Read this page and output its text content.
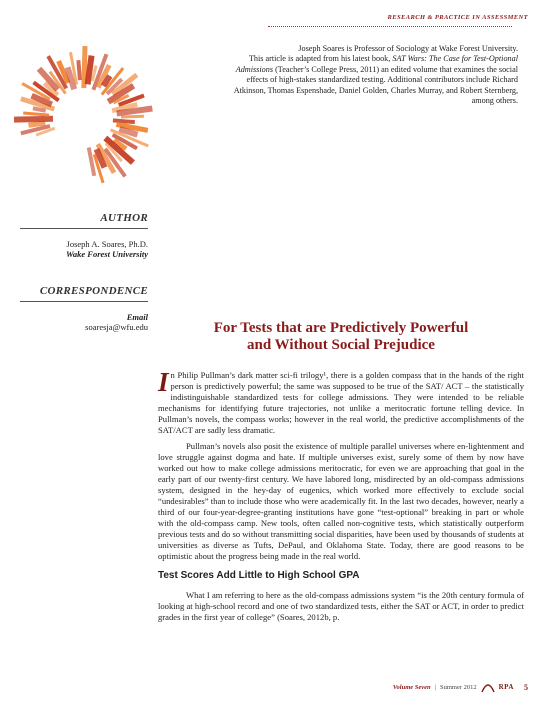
RESEARCH & PRACTICE IN ASSESSMENT
Joseph Soares is Professor of Sociology at Wake Forest University.
This article is adapted from his latest book, SAT Wars: The Case for Test-Optional Admissions (Teacher’s College Press, 2011) an edited volume that examines the social effects of high-stakes standardized testing. Additional contributors include Richard Atkinson, Thomas Espenshade, Daniel Golden, Charles Murray, and Robert Sternberg, among others.
AUTHOR
Joseph A. Soares, Ph.D.
Wake Forest University
CORRESPONDENCE
Email
soaresja@wfu.edu	For Tests that are Predictively Powerful
and Without Social Prejudice

In Philip Pullman’s dark matter sci-fi trilogy¹, there is a golden compass that in the hands of the right person is predictively powerful; the same was supposed to be true of the SAT/ ACT – the statistically indistinguishable standardized tests for college admissions. They were intended to be reliable mechanisms for identifying future trajectories, not unlike a meritocratic fortune telling device. In Pullman’s novels, the compass works; however in the real world, the predictive accomplishments of the SAT/ACT are sadly less dramatic.

Pullman’s novels also posit the existence of multiple parallel universes where en-lightenment and love struggle against dogma and hate. If multiple universes exist, surely some of them by now have worked out how to make college admissions meritocratic, for even we are approaching that goal in the early part of our twenty-first century. We have labored long, misdirected by an old-compass admissions system, designed in the hey-day of eugenics, which worked more effectively to exclude social “undesirables” than to include those who were academically fit. In the last two decades, however, nearly a third of our four-year-degree-granting institutions have gone “test-optional” breaking in part or whole with the old-compass camp. New tools, often called non-cognitive tests, which statistically outperform previous tests and do so without transmitting social disparities, have been used by thousands of students at universities as diverse as Tufts, DePaul, and Oklahoma State. Today, there are good reasons to be optimistic about the progress being made in the real world.

Test Scores Add Little to High School GPA

What I am referring to here as the old-compass admissions system “is the 20th century formula of looking at high-school record and one of two standardized tests, either the SAT or ACT, in order to predict grades in the first year of college” (Soares, 2012b, p.

Volume Seven | Summer 2012	RPA 5
